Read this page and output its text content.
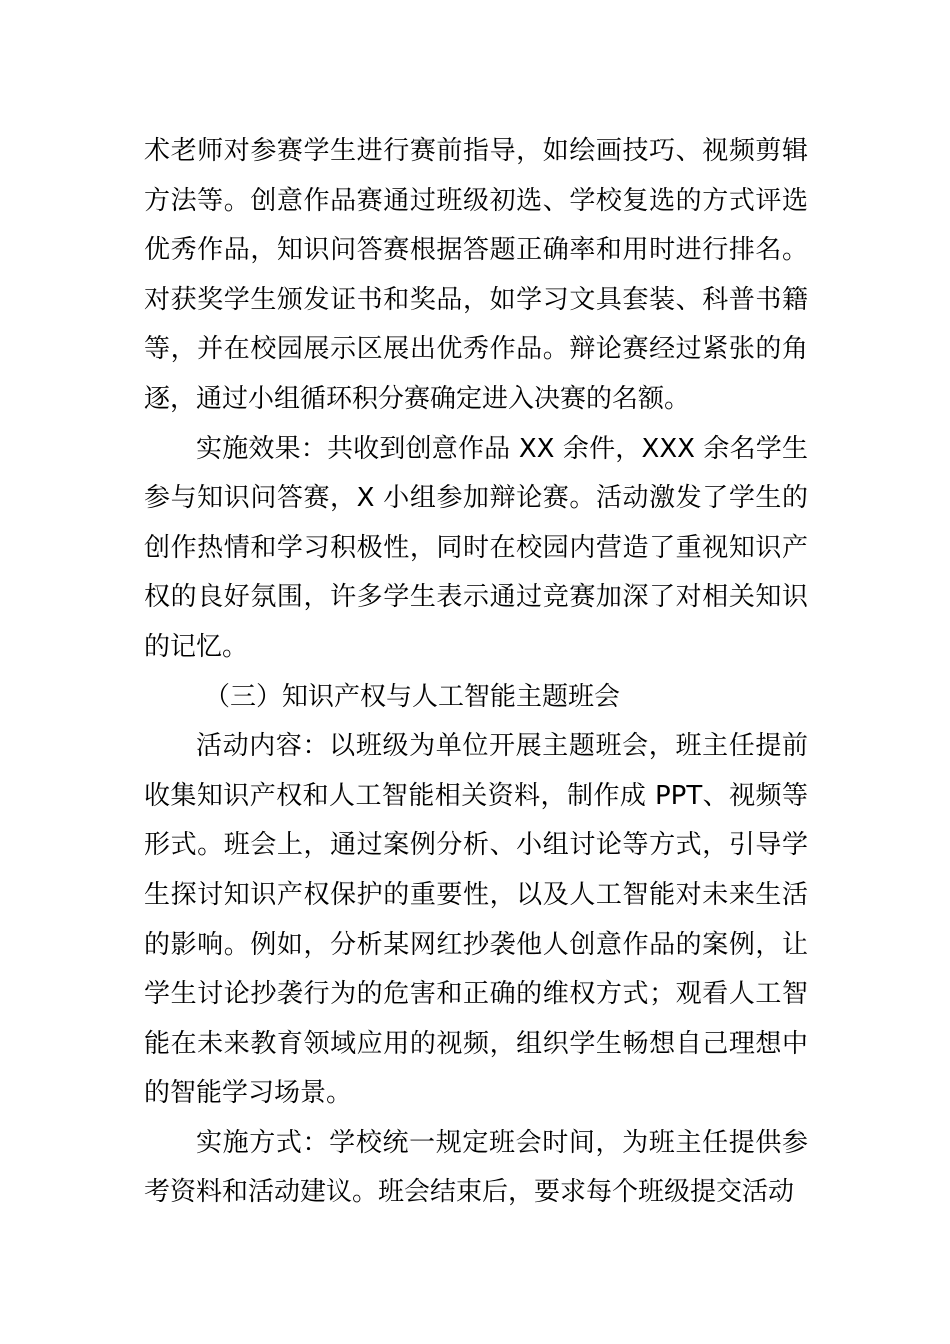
术老师对参赛学生进行赛前指导，如绘画技巧、视频剪辑方法等。创意作品赛通过班级初选、学校复选的方式评选优秀作品，知识问答赛根据答题正确率和用时进行排名。对获奖学生颁发证书和奖品，如学习文具套装、科普书籍等，并在校园展示区展出优秀作品。辩论赛经过紧张的角逐，通过小组循环积分赛确定进入决赛的名额。

实施效果：共收到创意作品 XX 余件，XXX 余名学生参与知识问答赛，X 小组参加辩论赛。活动激发了学生的创作热情和学习积极性，同时在校园内营造了重视知识产权的良好氛围，许多学生表示通过竞赛加深了对相关知识的记忆。

（三）知识产权与人工智能主题班会

活动内容：以班级为单位开展主题班会，班主任提前收集知识产权和人工智能相关资料，制作成 PPT、视频等形式。班会上，通过案例分析、小组讨论等方式，引导学生探讨知识产权保护的重要性，以及人工智能对未来生活的影响。例如，分析某网红抄袭他人创意作品的案例，让学生讨论抄袭行为的危害和正确的维权方式；观看人工智能在未来教育领域应用的视频，组织学生畅想自己理想中的智能学习场景。

实施方式：学校统一规定班会时间，为班主任提供参考资料和活动建议。班会结束后，要求每个班级提交活动
